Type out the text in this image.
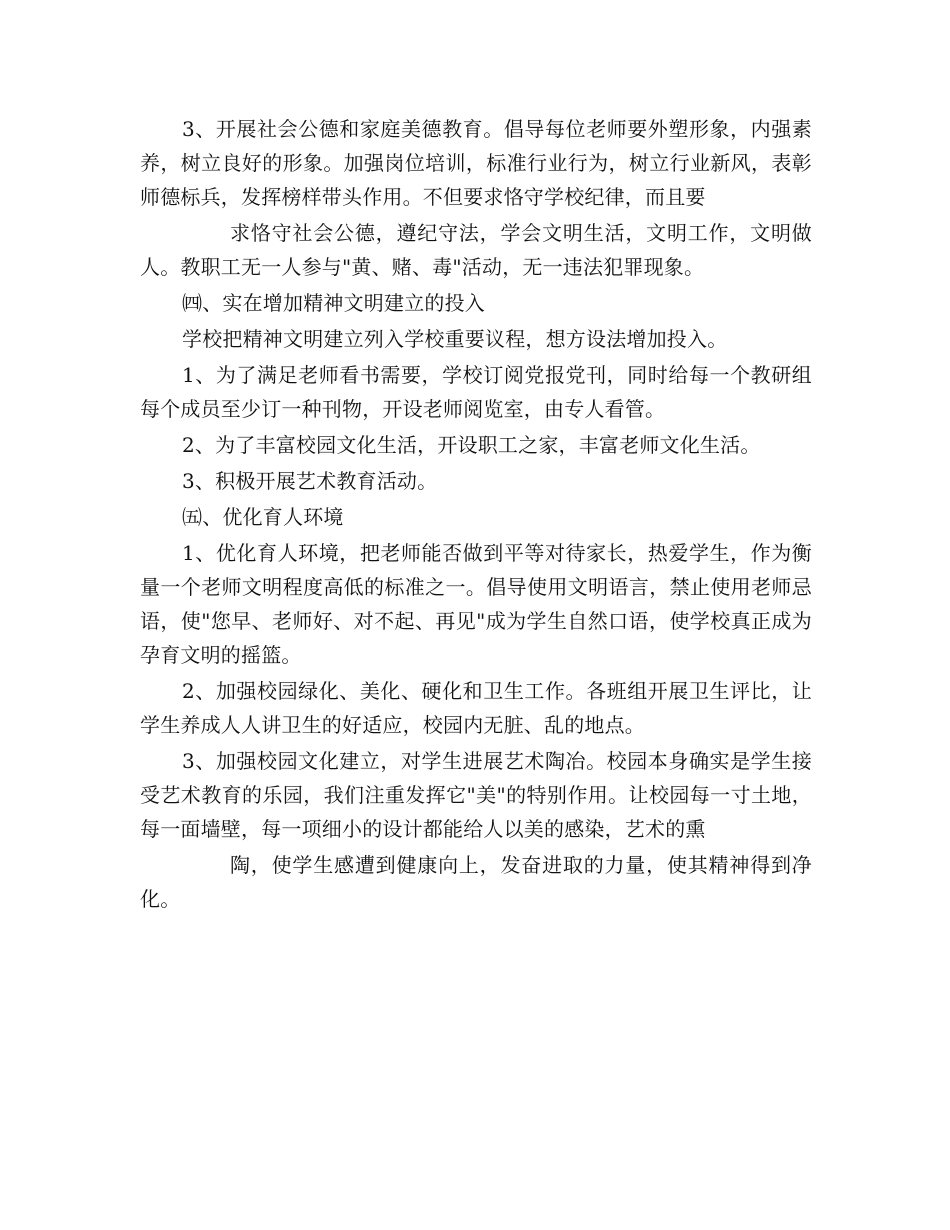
3、开展社会公德和家庭美德教育。倡导每位老师要外塑形象，内强素养，树立良好的形象。加强岗位培训，标准行业行为，树立行业新风，表彰师德标兵，发挥榜样带头作用。不但要求恪守学校纪律，而且要

求恪守社会公德，遵纪守法，学会文明生活，文明工作，文明做人。教职工无一人参与"黄、赌、毒"活动，无一违法犯罪现象。

㈣、实在增加精神文明建立的投入

学校把精神文明建立列入学校重要议程，想方设法增加投入。

1、为了满足老师看书需要，学校订阅党报党刊，同时给每一个教研组每个成员至少订一种刊物，开设老师阅览室，由专人看管。

2、为了丰富校园文化生活，开设职工之家，丰富老师文化生活。

3、积极开展艺术教育活动。

㈤、优化育人环境

1、优化育人环境，把老师能否做到平等对待家长，热爱学生，作为衡量一个老师文明程度高低的标准之一。倡导使用文明语言，禁止使用老师忌语，使"您早、老师好、对不起、再见"成为学生自然口语，使学校真正成为孕育文明的摇篮。

2、加强校园绿化、美化、硬化和卫生工作。各班组开展卫生评比，让学生养成人人讲卫生的好适应，校园内无脏、乱的地点。

3、加强校园文化建立，对学生进展艺术陶冶。校园本身确实是学生接受艺术教育的乐园，我们注重发挥它"美"的特别作用。让校园每一寸土地，每一面墙壁，每一项细小的设计都能给人以美的感染，艺术的熏

陶，使学生感遭到健康向上，发奋进取的力量，使其精神得到净化。
